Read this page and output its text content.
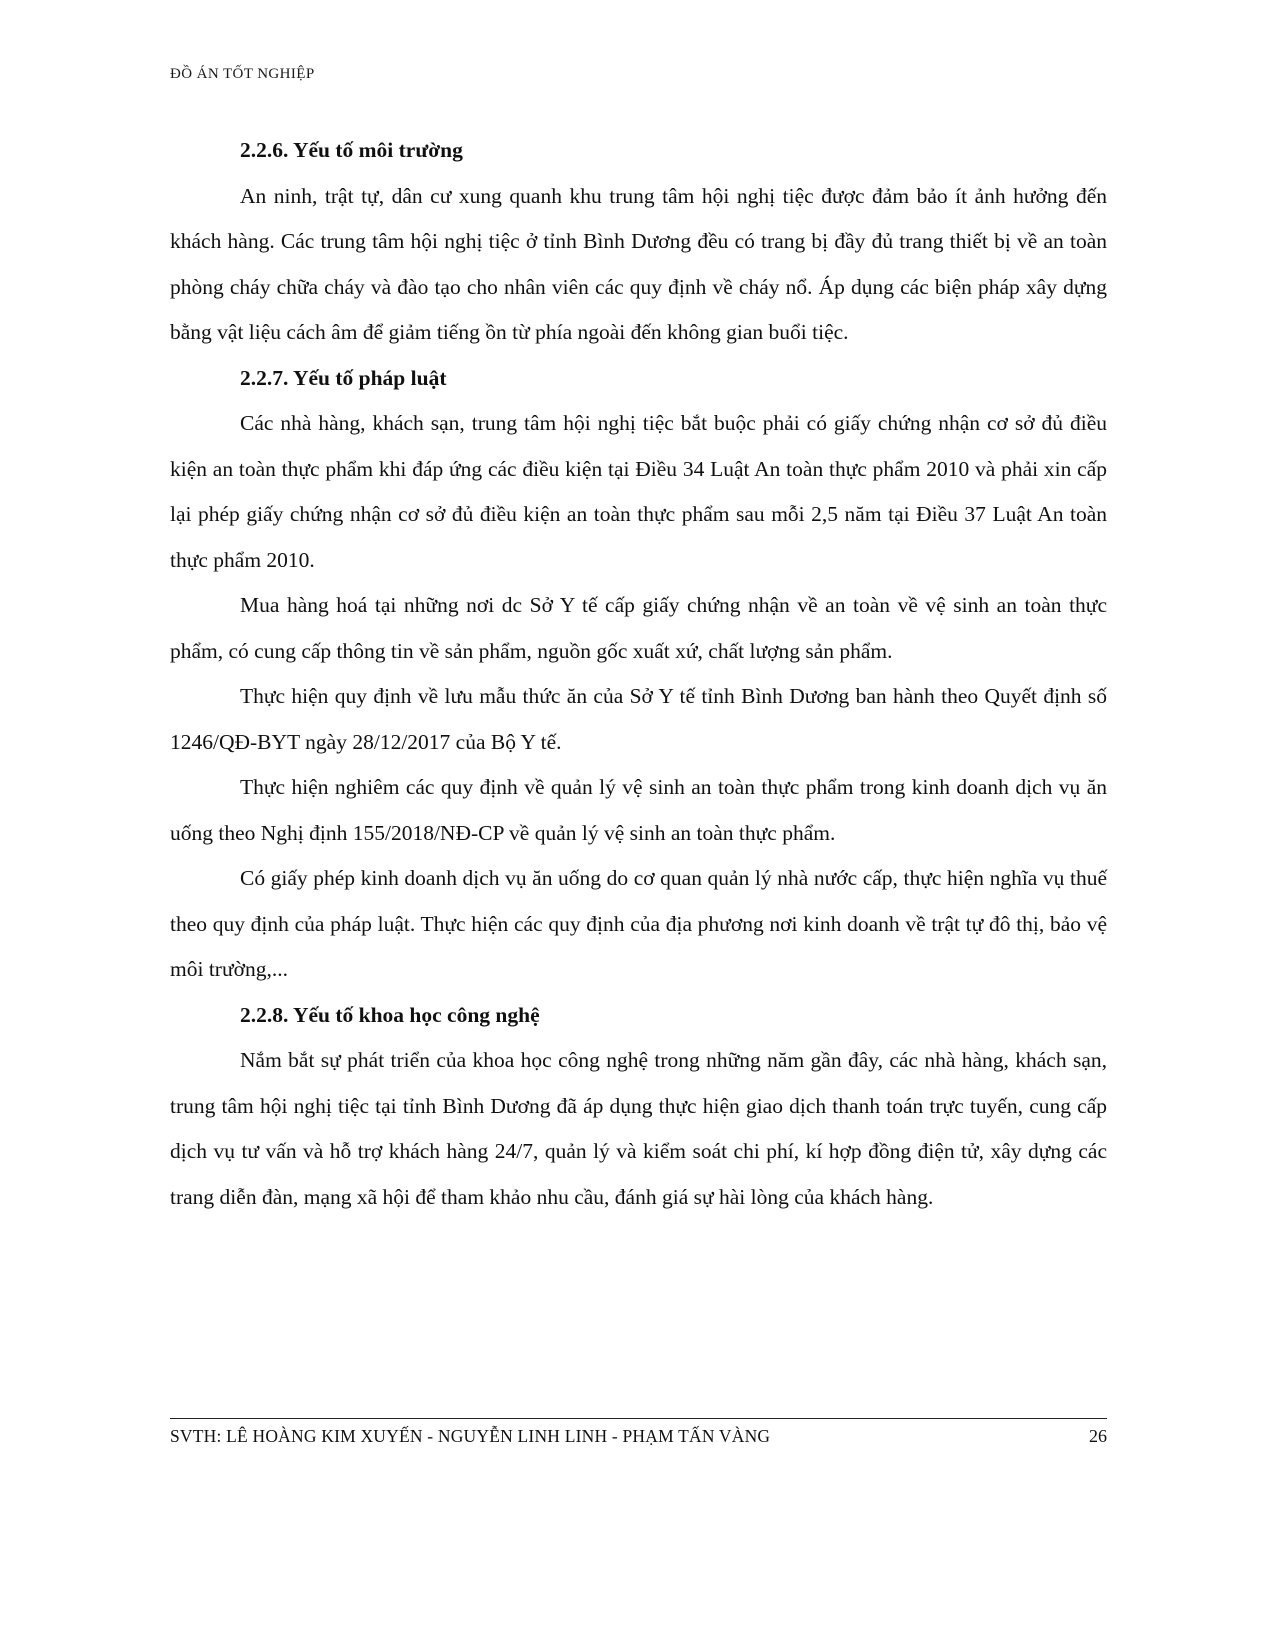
ĐỒ ÁN TỐT NGHIỆP
2.2.6. Yếu tố môi trường
An ninh, trật tự, dân cư xung quanh khu trung tâm hội nghị tiệc được đảm bảo ít ảnh hưởng đến khách hàng. Các trung tâm hội nghị tiệc ở tỉnh Bình Dương đều có trang bị đầy đủ trang thiết bị về an toàn phòng cháy chữa cháy và đào tạo cho nhân viên các quy định về cháy nổ. Áp dụng các biện pháp xây dựng bằng vật liệu cách âm để giảm tiếng ồn từ phía ngoài đến không gian buổi tiệc.
2.2.7. Yếu tố pháp luật
Các nhà hàng, khách sạn, trung tâm hội nghị tiệc bắt buộc phải có giấy chứng nhận cơ sở đủ điều kiện an toàn thực phẩm khi đáp ứng các điều kiện tại Điều 34 Luật An toàn thực phẩm 2010 và phải xin cấp lại phép giấy chứng nhận cơ sở đủ điều kiện an toàn thực phẩm sau mỗi 2,5 năm tại Điều 37 Luật An toàn thực phẩm 2010.
Mua hàng hoá tại những nơi dc Sở Y tế cấp giấy chứng nhận về an toàn về vệ sinh an toàn thực phẩm, có cung cấp thông tin về sản phẩm, nguồn gốc xuất xứ, chất lượng sản phẩm.
Thực hiện quy định về lưu mẫu thức ăn của Sở Y tế tỉnh Bình Dương ban hành theo Quyết định số 1246/QĐ-BYT ngày 28/12/2017 của Bộ Y tế.
Thực hiện nghiêm các quy định về quản lý vệ sinh an toàn thực phẩm trong kinh doanh dịch vụ ăn uống theo Nghị định 155/2018/NĐ-CP về quản lý vệ sinh an toàn thực phẩm.
Có giấy phép kinh doanh dịch vụ ăn uống do cơ quan quản lý nhà nước cấp, thực hiện nghĩa vụ thuế theo quy định của pháp luật. Thực hiện các quy định của địa phương nơi kinh doanh về trật tự đô thị, bảo vệ môi trường,...
2.2.8. Yếu tố khoa học công nghệ
Nắm bắt sự phát triển của khoa học công nghệ trong những năm gần đây, các nhà hàng, khách sạn, trung tâm hội nghị tiệc tại tỉnh Bình Dương đã áp dụng thực hiện giao dịch thanh toán trực tuyến, cung cấp dịch vụ tư vấn và hỗ trợ khách hàng 24/7, quản lý và kiểm soát chi phí, kí hợp đồng điện tử, xây dựng các trang diễn đàn, mạng xã hội để tham khảo nhu cầu, đánh giá sự hài lòng của khách hàng.
SVTH: LÊ HOÀNG KIM XUYẾN - NGUYỄN LINH LINH - PHẠM TẤN VÀNG	26
